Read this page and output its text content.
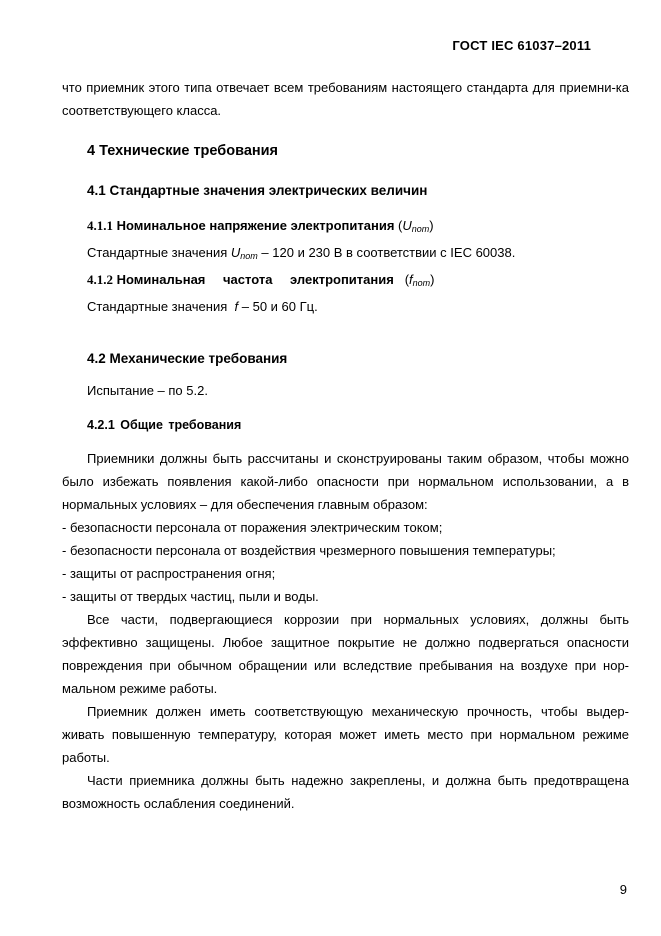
ГОСТ IEC 61037–2011

что приемник этого типа отвечает всем требованиям настоящего стандарта для приемни-ка соответствующего класса.

4 Технические требования
4.1 Стандартные значения электрических величин
4.1.1 Номинальное напряжение электропитания (Unom)
Стандартные значения Unom – 120 и 230 В в соответствии с IEC 60038.
4.1.2 Номинальная частота электропитания (fnom)
Стандартные значения f – 50 и 60 Гц.
4.2 Механические требования

Испытание – по 5.2.

4.2.1 Общие требования

Приемники должны быть рассчитаны и сконструированы таким образом, чтобы можно было избежать появления какой-либо опасности при нормальном использовании, а в нормальных условиях – для обеспечения главным образом:

- безопасности персонала от поражения электрическим током;

- безопасности персонала от воздействия чрезмерного повышения температуры;

- защиты от распространения огня;

- защиты от твердых частиц, пыли и воды.

Все части, подвергающиеся коррозии при нормальных условиях, должны быть эффективно защищены. Любое защитное покрытие не должно подвергаться опасности повреждения при обычном обращении или вследствие пребывания на воздухе при нор-мальном режиме работы.

Приемник должен иметь соответствующую механическую прочность, чтобы выдер-живать повышенную температуру, которая может иметь место при нормальном режиме работы.

Части приемника должны быть надежно закреплены, и должна быть предотвращена возможность ослабления соединений.

9
